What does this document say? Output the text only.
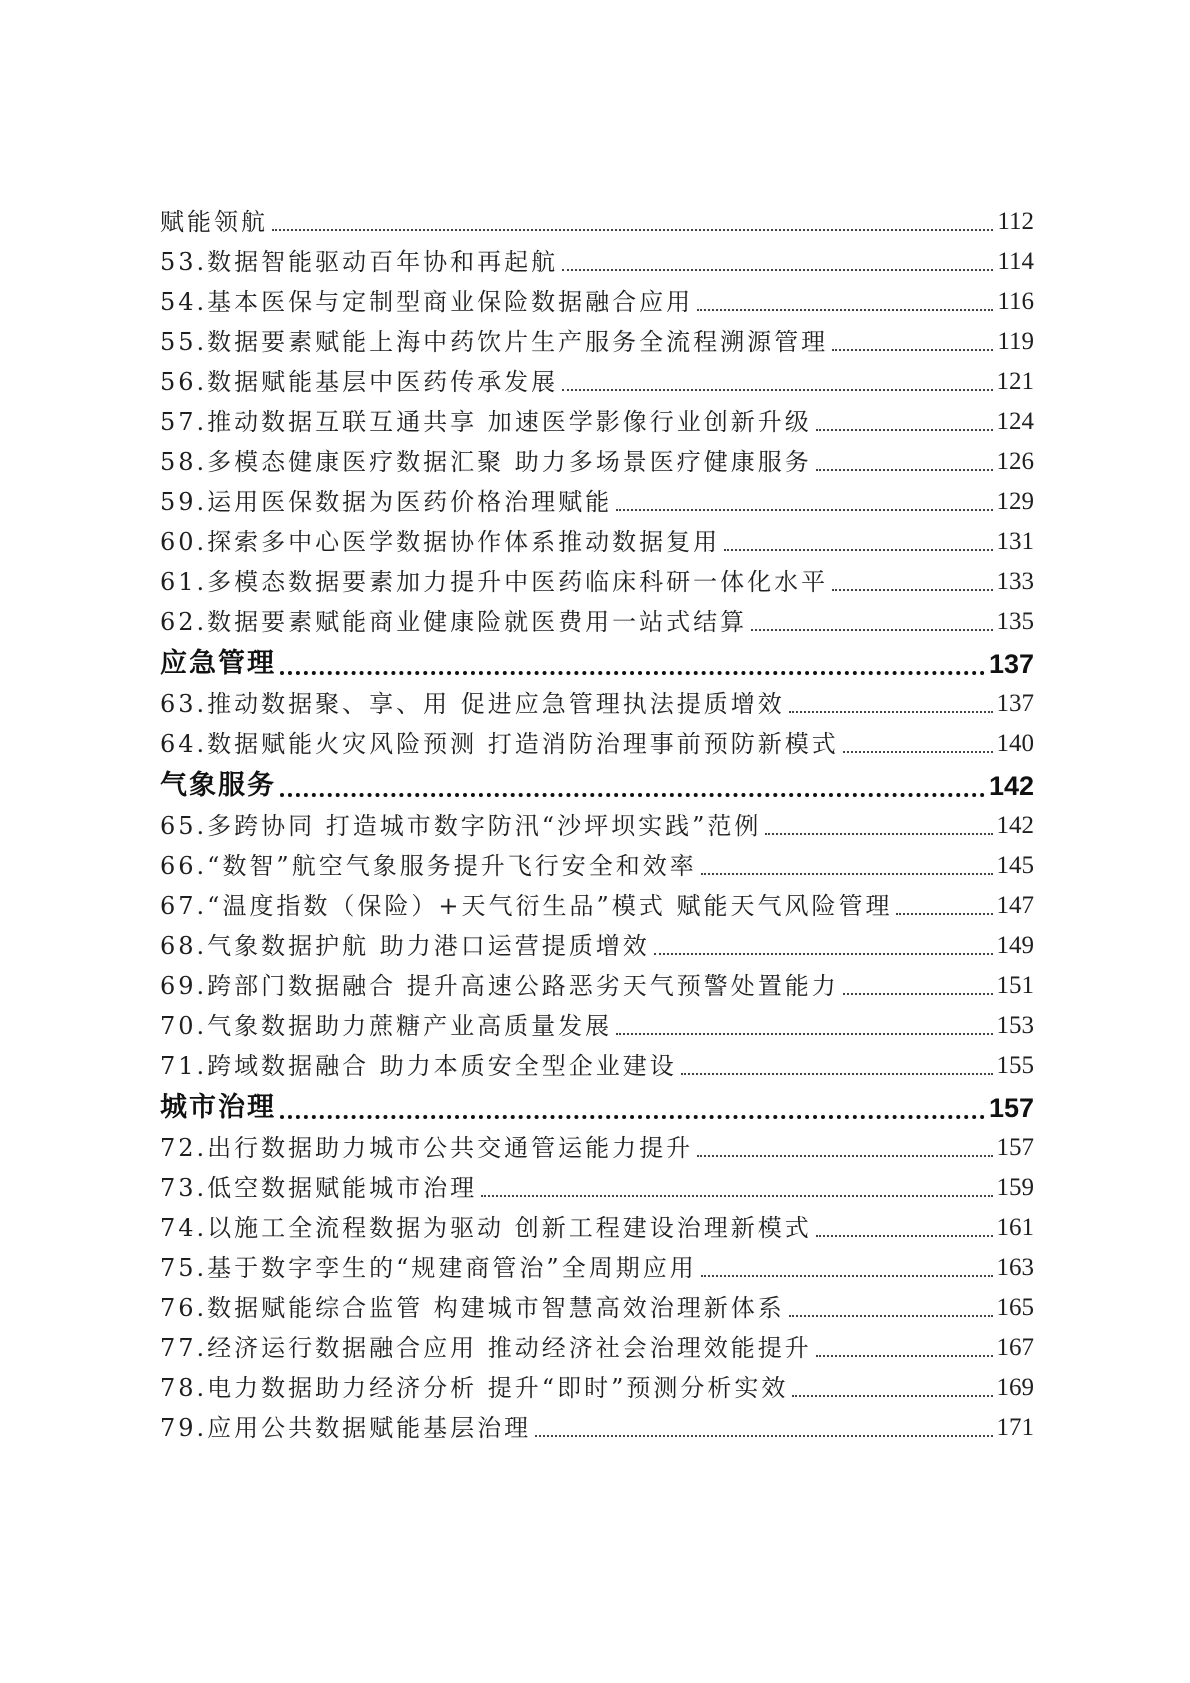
赋能领航	112
53.数据智能驱动百年协和再起航	114
54.基本医保与定制型商业保险数据融合应用	116
55.数据要素赋能上海中药饮片生产服务全流程溯源管理	119
56.数据赋能基层中医药传承发展	121
57.推动数据互联互通共享 加速医学影像行业创新升级	124
58.多模态健康医疗数据汇聚 助力多场景医疗健康服务	126
59.运用医保数据为医药价格治理赋能	129
60.探索多中心医学数据协作体系推动数据复用	131
61.多模态数据要素加力提升中医药临床科研一体化水平	133
62.数据要素赋能商业健康险就医费用一站式结算	135
应急管理	137
63.推动数据聚、享、用 促进应急管理执法提质增效	137
64.数据赋能火灾风险预测 打造消防治理事前预防新模式	140
气象服务	142
65.多跨协同 打造城市数字防汛“沙坪坝实践”范例	142
66.“数智”航空气象服务提升飞行安全和效率	145
67.“温度指数（保险）+天气衍生品”模式 赋能天气风险管理	147
68.气象数据护航 助力港口运营提质增效	149
69.跨部门数据融合 提升高速公路恶劣天气预警处置能力	151
70.气象数据助力蔗糖产业高质量发展	153
71.跨域数据融合 助力本质安全型企业建设	155
城市治理	157
72.出行数据助力城市公共交通管运能力提升	157
73.低空数据赋能城市治理	159
74.以施工全流程数据为驱动 创新工程建设治理新模式	161
75.基于数字孪生的“规建商管治”全周期应用	163
76.数据赋能综合监管 构建城市智慧高效治理新体系	165
77.经济运行数据融合应用 推动经济社会治理效能提升	167
78.电力数据助力经济分析 提升“即时”预测分析实效	169
79.应用公共数据赋能基层治理	171
